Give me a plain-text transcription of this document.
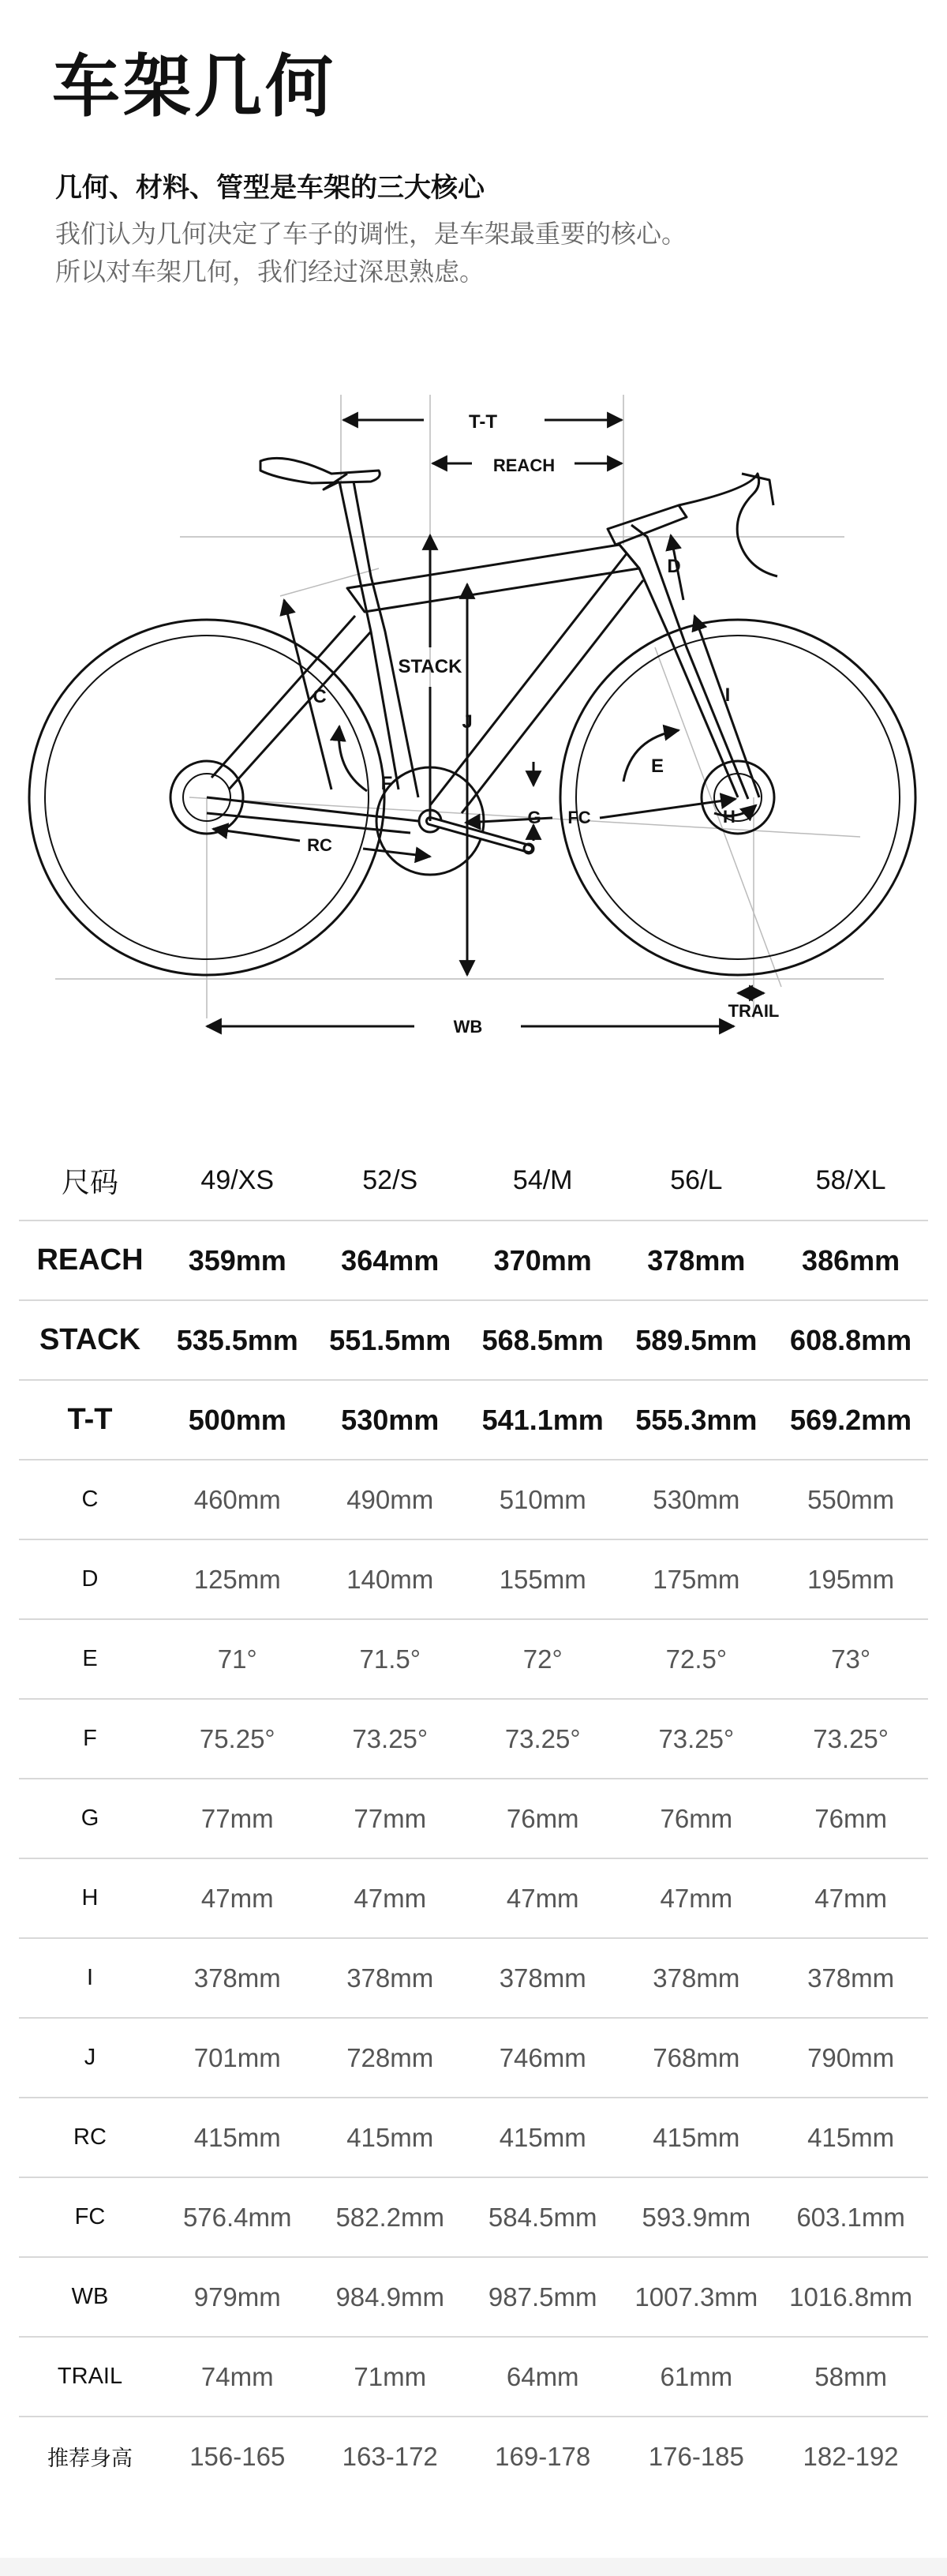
车架几何
几何、材料、管型是车架的三大核心
我们认为几何决定了车子的调性，是车架最重要的核心。
所以对车架几何，我们经过深思熟虑。
T-T
REACH
STACK
C
D
E
F
G	H
I
J
RC
FC
WB
TRAIL
尺码	49/XS	52/S	54/M	56/L	58/XL
REACH	359mm	364mm	370mm	378mm	386mm
STACK	535.5mm	551.5mm	568.5mm	589.5mm	608.8mm
T-T	500mm	530mm	541.1mm	555.3mm	569.2mm
C	460mm	490mm	510mm	530mm	550mm
D	125mm	140mm	155mm	175mm	195mm
E	71°	71.5°	72°	72.5°	73°
F	75.25°	73.25°	73.25°	73.25°	73.25°
G	77mm	77mm	76mm	76mm	76mm
H	47mm	47mm	47mm	47mm	47mm
I	378mm	378mm	378mm	378mm	378mm
J	701mm	728mm	746mm	768mm	790mm
RC	415mm	415mm	415mm	415mm	415mm
FC	576.4mm	582.2mm	584.5mm	593.9mm	603.1mm
WB	979mm	984.9mm	987.5mm	1007.3mm	1016.8mm
TRAIL	74mm	71mm	64mm	61mm	58mm
推荐身高	156-165	163-172	169-178	176-185	182-192
